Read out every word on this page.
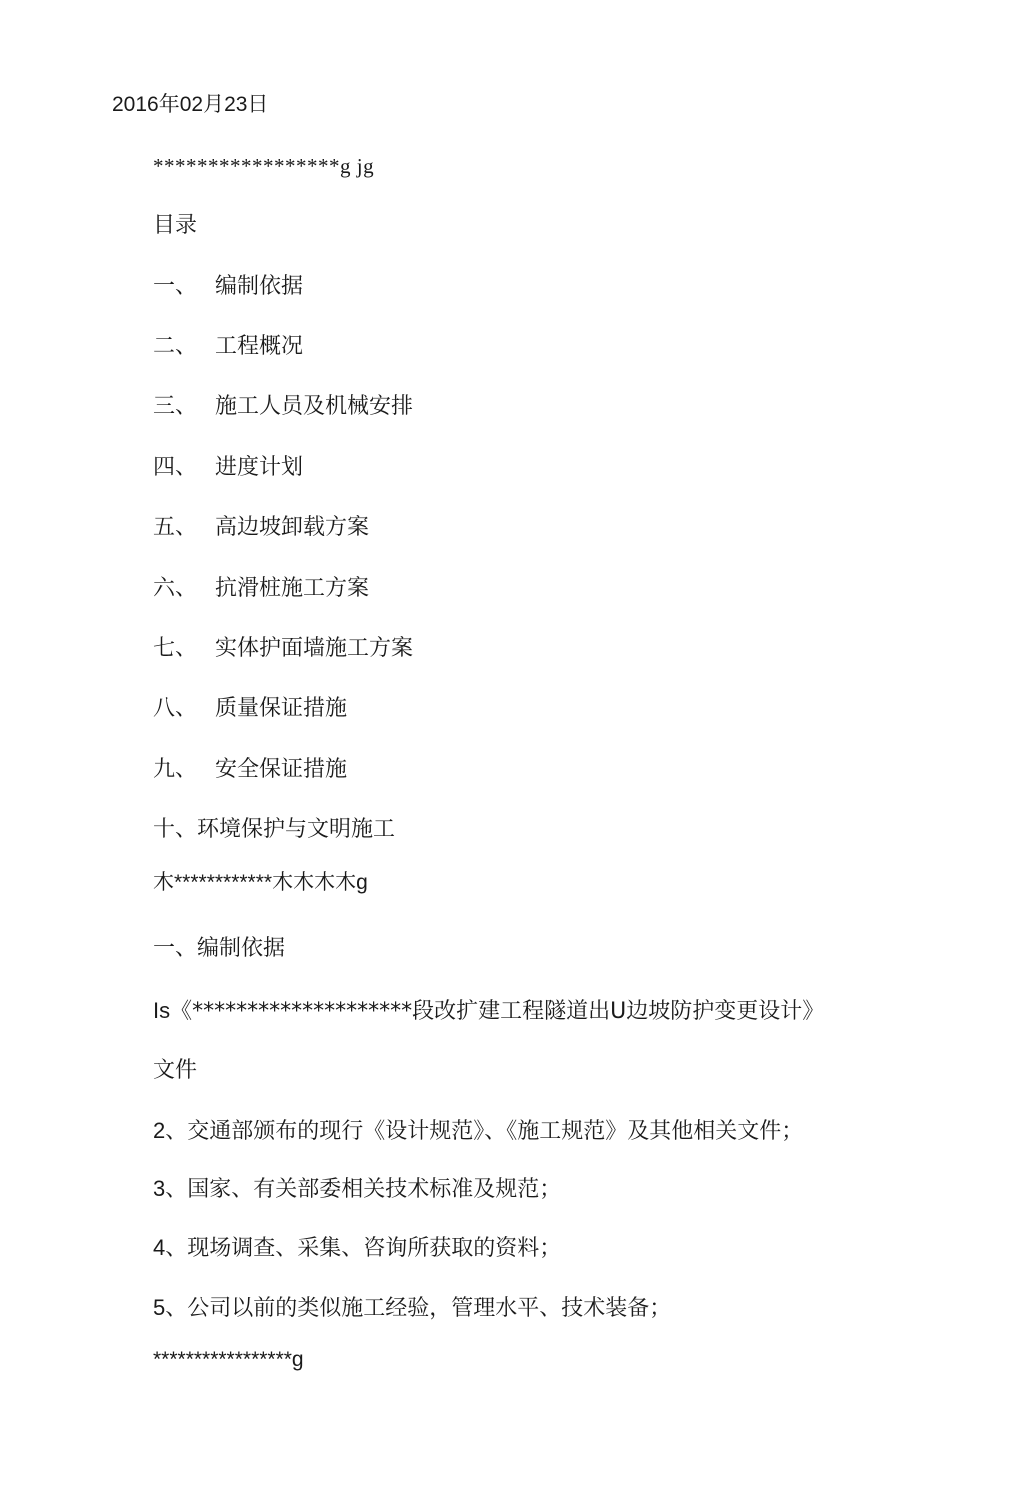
2016年02月23日
*****************g jg
目录
一、 编制依据
二、 工程概况
三、 施工人员及机械安排
四、 进度计划
五、 高边坡卸载方案
六、 抗滑桩施工方案
七、 实体护面墙施工方案
八、 质量保证措施
九、 安全保证措施
十、环境保护与文明施工
木************木木木木g
一、编制依据
Is《********************段改扩建工程隧道出U边坡防护变更设计》
文件
2、交通部颁布的现行《设计规范》、《施工规范》及其他相关文件；
3、国家、有关部委相关技术标准及规范；
4、现场调查、采集、咨询所获取的资料；
5、公司以前的类似施工经验，管理水平、技术装备；
*****************g
